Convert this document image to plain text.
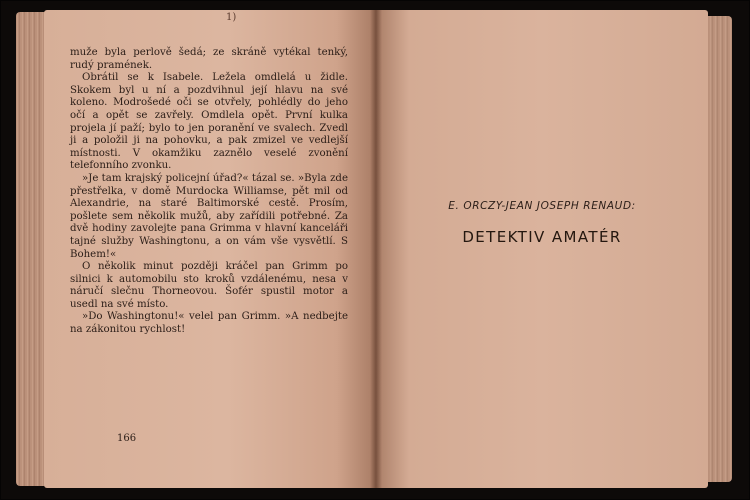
1)

muže byla perlově šedá; ze skráně vytékal tenký, rudý pramének.

Obrátil se k Isabele. Ležela omdlelá u židle. Skokem byl u ní a pozdvihnul její hlavu na své koleno. Modrošedé oči se otvřely, pohlédly do jeho očí a opět se zavřely. Omdlela opět. První kulka projela jí paží; bylo to jen poranění ve svalech. Zvedl ji a položil ji na pohovku, a pak zmizel ve vedlejší místnosti. V okamžiku zaznělo veselé zvonění telefonního zvonku.

»Je tam krajský policejní úřad?« tázal se. »Byla zde přestřelka, v domě Murdocka Williamse, pět mil od Alexandrie, na staré Baltimorské cestě. Prosím, pošlete sem několik mužů, aby zařídili potřebné. Za dvě hodiny zavolejte pana Grimma v hlavní kanceláři tajné služby Washingtonu, a on vám vše vysvětlí. S Bohem!«

O několik minut později kráčel pan Grimm po silnici k automobilu sto kroků vzdálenému, nesa v náručí slečnu Thorneovou. Šofér spustil motor a usedl na své místo.

»Do Washingtonu!« velel pan Grimm. »A nedbejte na zákonitou rychlost!

166
E. ORCZY-JEAN JOSEPH RENAUD:
DETEKTIV AMATÉR
